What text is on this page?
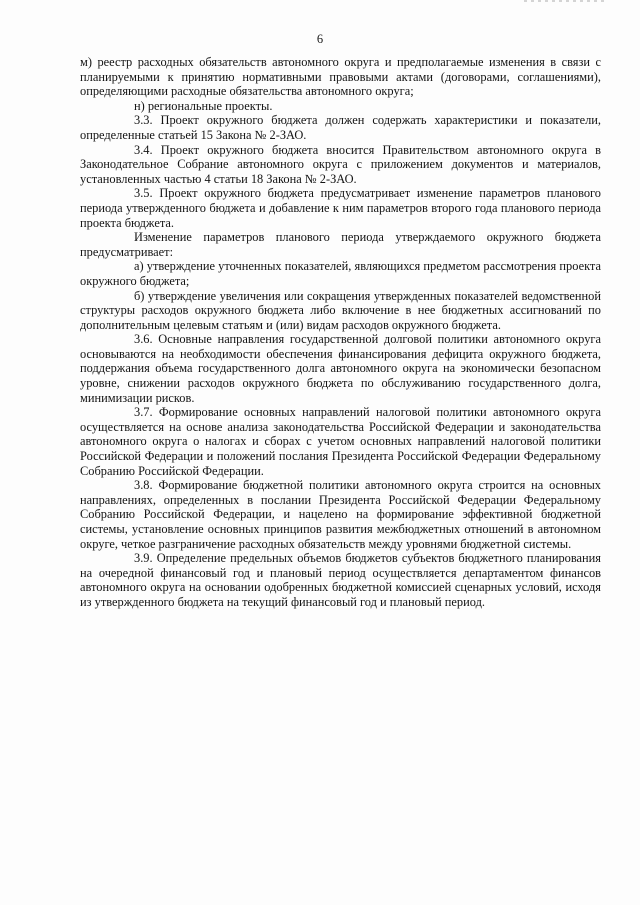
6

м) реестр расходных обязательств автономного округа и предполагаемые изменения в связи с планируемыми к принятию нормативными правовыми актами (договорами, соглашениями), определяющими расходные обязательства автономного округа;

н) региональные проекты.

3.3. Проект окружного бюджета должен содержать характеристики и показатели, определенные статьей 15 Закона № 2-ЗАО.

3.4. Проект окружного бюджета вносится Правительством автономного округа в Законодательное Собрание автономного округа с приложением документов и материалов, установленных частью 4 статьи 18 Закона № 2-ЗАО.

3.5. Проект окружного бюджета предусматривает изменение параметров планового периода утвержденного бюджета и добавление к ним параметров второго года планового периода проекта бюджета.

Изменение параметров планового периода утверждаемого окружного бюджета предусматривает:

а) утверждение уточненных показателей, являющихся предметом рассмотрения проекта окружного бюджета;

б) утверждение увеличения или сокращения утвержденных показателей ведомственной структуры расходов окружного бюджета либо включение в нее бюджетных ассигнований по дополнительным целевым статьям и (или) видам расходов окружного бюджета.

3.6. Основные направления государственной долговой политики автономного округа основываются на необходимости обеспечения финансирования дефицита окружного бюджета, поддержания объема государственного долга автономного округа на экономически безопасном уровне, снижении расходов окружного бюджета по обслуживанию государственного долга, минимизации рисков.

3.7. Формирование основных направлений налоговой политики автономного округа осуществляется на основе анализа законодательства Российской Федерации и законодательства автономного округа о налогах и сборах с учетом основных направлений налоговой политики Российской Федерации и положений послания Президента Российской Федерации Федеральному Собранию Российской Федерации.

3.8. Формирование бюджетной политики автономного округа строится на основных направлениях, определенных в послании Президента Российской Федерации Федеральному Собранию Российской Федерации, и нацелено на формирование эффективной бюджетной системы, установление основных принципов развития межбюджетных отношений в автономном округе, четкое разграничение расходных обязательств между уровнями бюджетной системы.

3.9. Определение предельных объемов бюджетов субъектов бюджетного планирования на очередной финансовый год и плановый период осуществляется департаментом финансов автономного округа на основании одобренных бюджетной комиссией сценарных условий, исходя из утвержденного бюджета на текущий финансовый год и плановый период.
